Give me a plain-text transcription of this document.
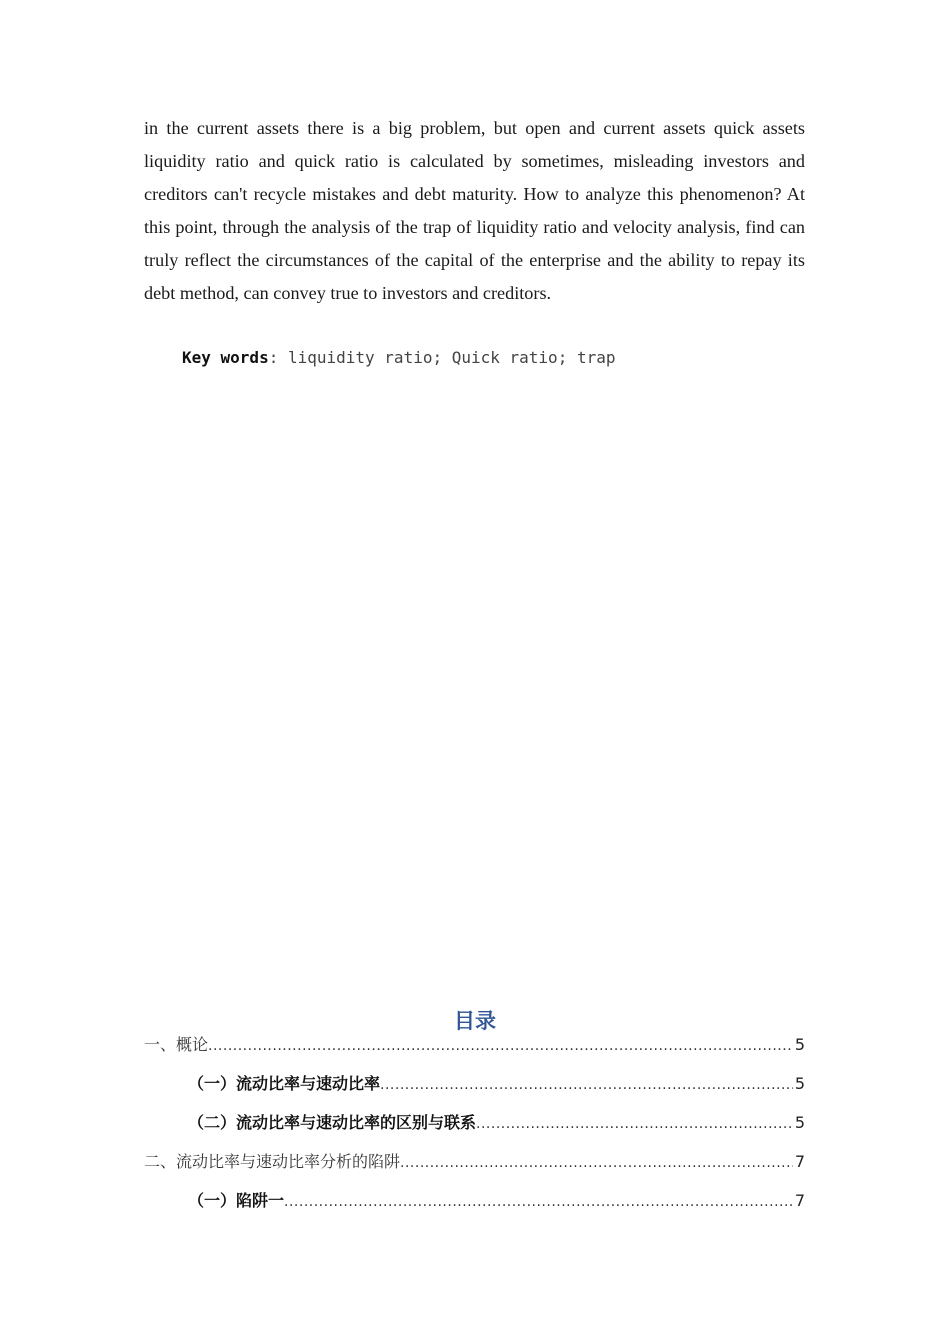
in the current assets there is a big problem, but open and current assets quick assets liquidity ratio and quick ratio is calculated by sometimes, misleading investors and creditors can't recycle mistakes and debt maturity. How to analyze this phenomenon? At this point, through the analysis of the trap of liquidity ratio and velocity analysis, find can truly reflect the circumstances of the capital of the enterprise and the ability to repay its debt method, can convey true to investors and creditors.

Key words: liquidity ratio; Quick ratio; trap
目录
一、概论 .....	5
（一）流动比率与速动比率 .....	5
（二）流动比率与速动比率的区别与联系 .....	5
二、流动比率与速动比率分析的陷阱 .....	7
（一）陷阱一 .....	7
